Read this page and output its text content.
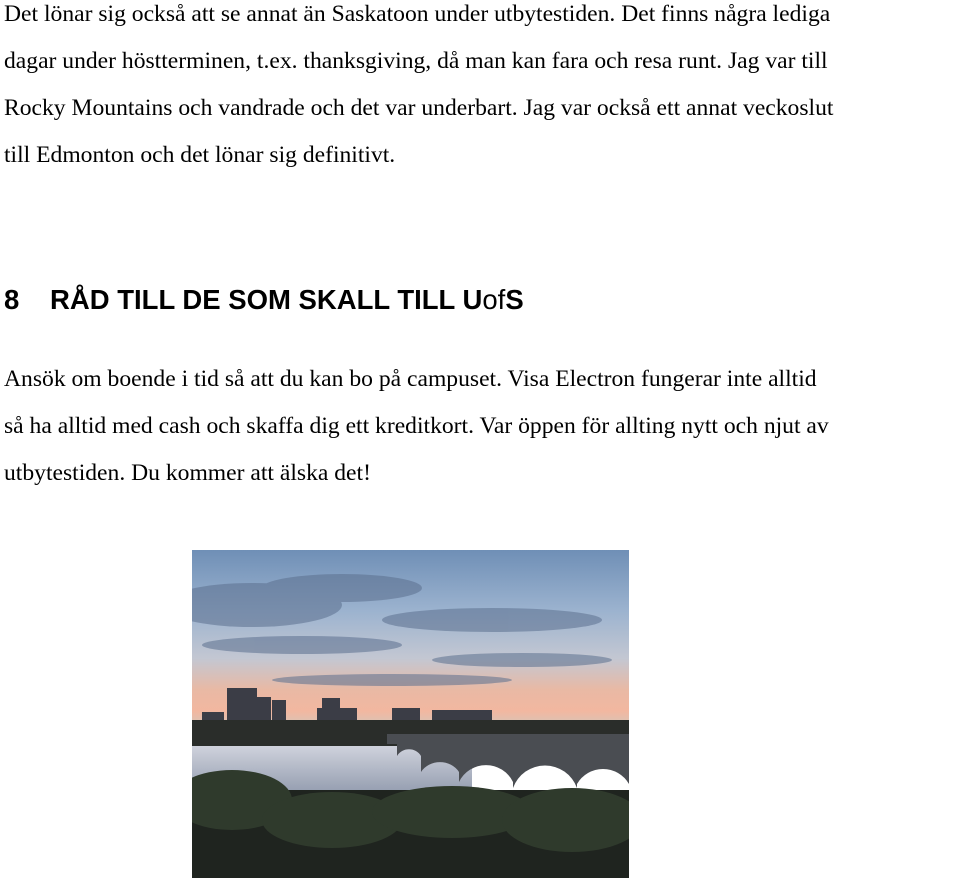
Det lönar sig också att se annat än Saskatoon under utbytestiden. Det finns några lediga
dagar under höstterminen, t.ex. thanksgiving, då man kan fara och resa runt. Jag var till
Rocky Mountains och vandrade och det var underbart. Jag var också ett annat veckoslut
till Edmonton och det lönar sig definitivt.
8 RÅD TILL DE SOM SKALL TILL UofS
Ansök om boende i tid så att du kan bo på campuset. Visa Electron fungerar inte alltid
så ha alltid med cash och skaffa dig ett kreditkort. Var öppen för allting nytt och njut av
utbytestiden. Du kommer att älska det!
